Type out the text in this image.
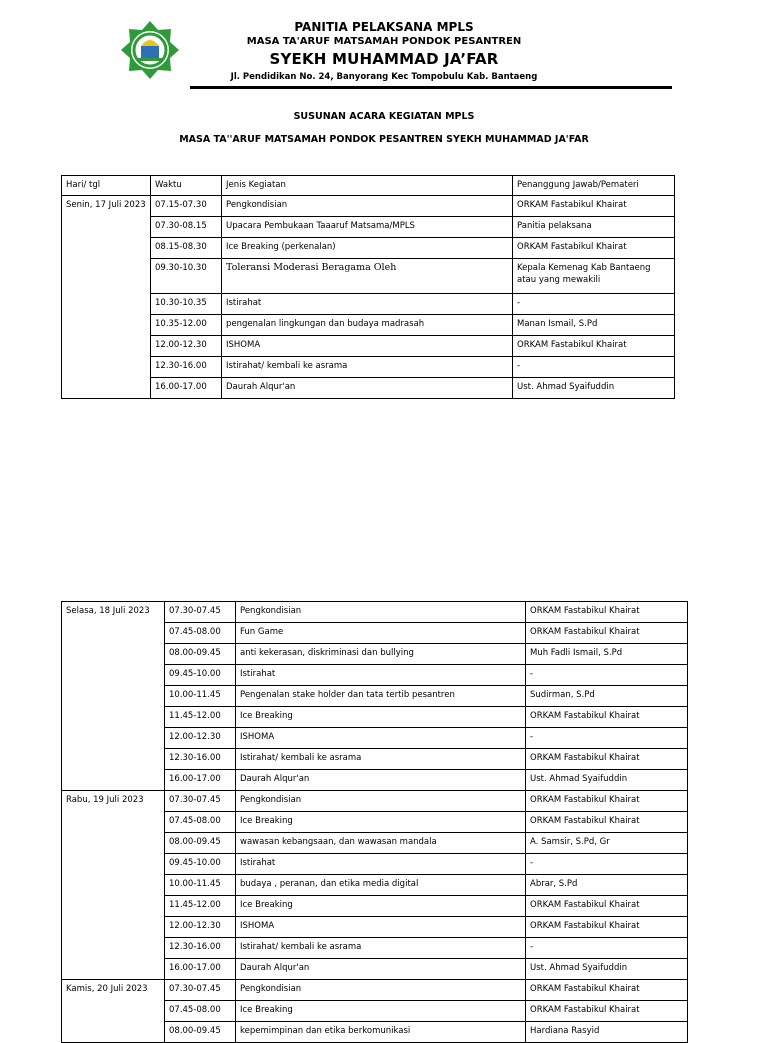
PANITIA PELAKSANA MPLS
MASA TA'ARUF MATSAMAH PONDOK PESANTREN
SYEKH MUHAMMAD JA’FAR
Jl. Pendidikan No. 24, Banyorang Kec Tompobulu Kab. Bantaeng
SUSUNAN ACARA KEGIATAN MPLS
MASA TA''ARUF MATSAMAH PONDOK PESANTREN SYEKH MUHAMMAD JA'FAR
Hari/ tgl	Waktu	Jenis Kegiatan	Penanggung Jawab/Pemateri
Senin, 17 Juli 2023	07.15-07.30	Pengkondisian	ORKAM Fastabikul Khairat
	07.30-08.15	Upacara Pembukaan Taaaruf Matsama/MPLS	Panitia pelaksana
	08.15-08.30	Ice Breaking (perkenalan)	ORKAM Fastabikul Khairat
	09.30-10.30	Toleransi Moderasi Beragama Oleh	Kepala Kemenag Kab Bantaeng atau yang mewakili
	10.30-10.35	Istirahat	-
	10.35-12.00	pengenalan lingkungan dan budaya madrasah	Manan Ismail, S.Pd
	12.00-12.30	ISHOMA	ORKAM Fastabikul Khairat
	12.30-16.00	Istirahat/ kembali ke asrama	-
	16.00-17.00	Daurah Alqur'an	Ust. Ahmad Syaifuddin
Selasa, 18 Juli 2023	07.30-07.45	Pengkondisian	ORKAM Fastabikul Khairat
	07.45-08.00	Fun Game	ORKAM Fastabikul Khairat
	08.00-09.45	anti kekerasan, diskriminasi dan bullying	Muh Fadli Ismail, S.Pd
	09.45-10.00	Istirahat	-
	10.00-11.45	Pengenalan stake holder dan tata tertib pesantren	Sudirman, S.Pd
	11.45-12.00	Ice Breaking	ORKAM Fastabikul Khairat
	12.00-12.30	ISHOMA	-
	12.30-16.00	Istirahat/ kembali ke asrama	ORKAM Fastabikul Khairat
	16.00-17.00	Daurah Alqur'an	Ust. Ahmad Syaifuddin
Rabu, 19 Juli 2023	07.30-07.45	Pengkondisian	ORKAM Fastabikul Khairat
	07.45-08.00	Ice Breaking	ORKAM Fastabikul Khairat
	08.00-09.45	wawasan kebangsaan, dan wawasan mandala	A. Samsir, S.Pd, Gr
	09.45-10.00	Istirahat	-
	10.00-11.45	budaya , peranan, dan etika media digital	Abrar, S.Pd
	11.45-12.00	Ice Breaking	ORKAM Fastabikul Khairat
	12.00-12.30	ISHOMA	ORKAM Fastabikul Khairat
	12.30-16.00	Istirahat/ kembali ke asrama	-
	16.00-17.00	Daurah Alqur'an	Ust. Ahmad Syaifuddin
Kamis, 20 Juli 2023	07.30-07.45	Pengkondisian	ORKAM Fastabikul Khairat
	07.45-08.00	Ice Breaking	ORKAM Fastabikul Khairat
	08.00-09.45	kepemimpinan dan etika berkomunikasi	Hardiana Rasyid
